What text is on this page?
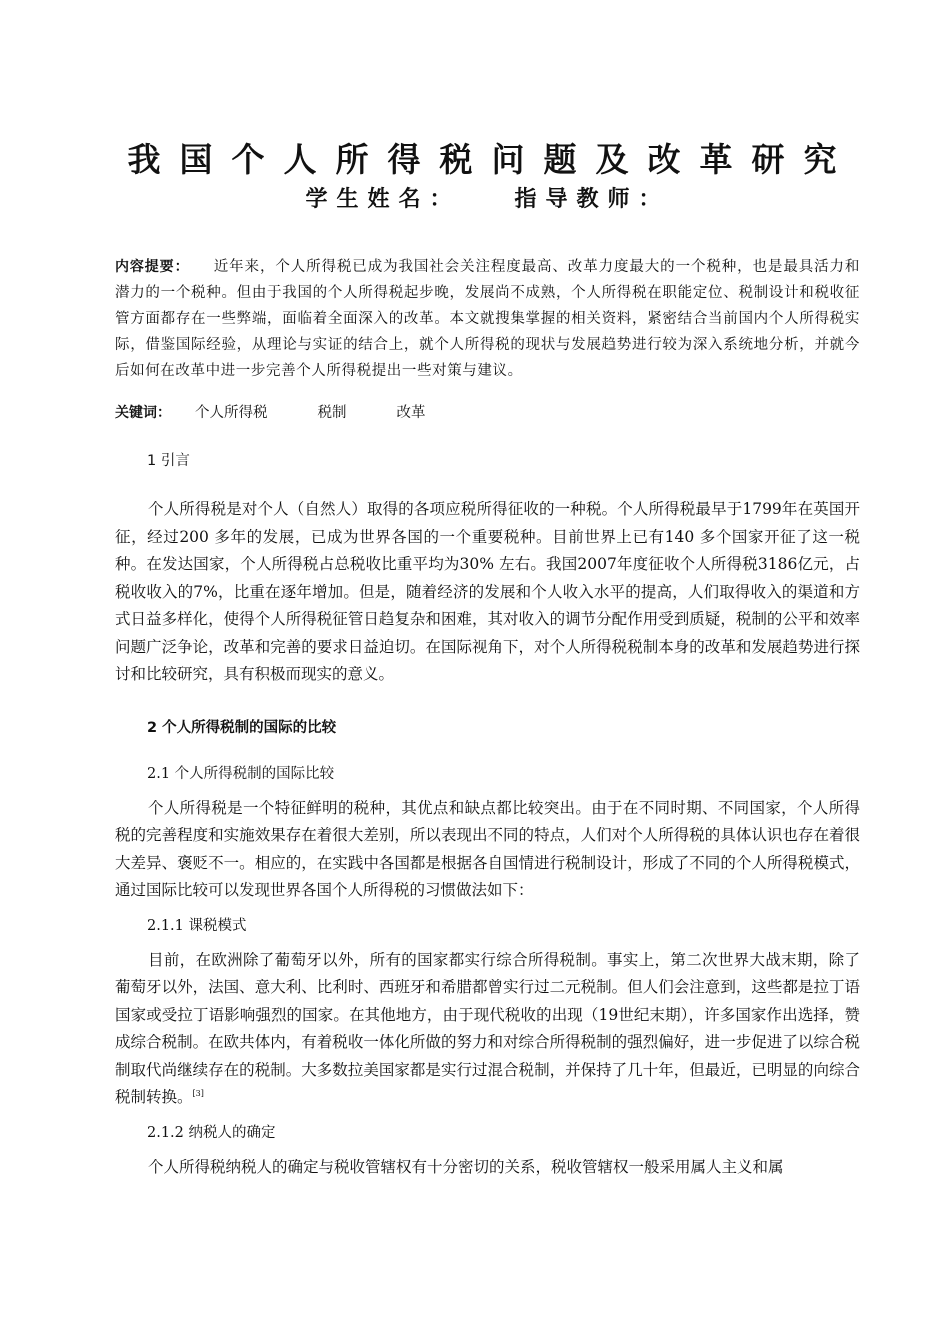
我国个人所得税问题及改革研究
学生姓名： 指导教师：
内容提要： 近年来，个人所得税已成为我国社会关注程度最高、改革力度最大的一个税种，也是最具活力和潜力的一个税种。但由于我国的个人所得税起步晚，发展尚不成熟，个人所得税在职能定位、税制设计和税收征管方面都存在一些弊端，面临着全面深入的改革。本文就搜集掌握的相关资料，紧密结合当前国内个人所得税实际，借鉴国际经验，从理论与实证的结合上，就个人所得税的现状与发展趋势进行较为深入系统地分析，并就今后如何在改革中进一步完善个人所得税提出一些对策与建议。
关键词： 个人所得税	税制	改革

1 引言

个人所得税是对个人（自然人）取得的各项应税所得征收的一种税。个人所得税最早于1799年在英国开征，经过200 多年的发展，已成为世界各国的一个重要税种。目前世界上已有140 多个国家开征了这一税种。在发达国家，个人所得税占总税收比重平均为30% 左右。我国2007年度征收个人所得税3186亿元，占税收收入的7%，比重在逐年增加。但是，随着经济的发展和个人收入水平的提高，人们取得收入的渠道和方式日益多样化，使得个人所得税征管日趋复杂和困难，其对收入的调节分配作用受到质疑，税制的公平和效率问题广泛争论，改革和完善的要求日益迫切。在国际视角下，对个人所得税税制本身的改革和发展趋势进行探讨和比较研究，具有积极而现实的意义。

2 个人所得税制的国际的比较

2.1 个人所得税制的国际比较

个人所得税是一个特征鲜明的税种，其优点和缺点都比较突出。由于在不同时期、不同国家，个人所得税的完善程度和实施效果存在着很大差别，所以表现出不同的特点，人们对个人所得税的具体认识也存在着很大差异、褒贬不一。相应的，在实践中各国都是根据各自国情进行税制设计，形成了不同的个人所得税模式，通过国际比较可以发现世界各国个人所得税的习惯做法如下：

2.1.1 课税模式

目前，在欧洲除了葡萄牙以外，所有的国家都实行综合所得税制。事实上，第二次世界大战末期，除了葡萄牙以外，法国、意大利、比利时、西班牙和希腊都曾实行过二元税制。但人们会注意到，这些都是拉丁语国家或受拉丁语影响强烈的国家。在其他地方，由于现代税收的出现（19世纪末期），许多国家作出选择，赞成综合税制。在欧共体内，有着税收一体化所做的努力和对综合所得税制的强烈偏好，进一步促进了以综合税制取代尚继续存在的税制。大多数拉美国家都是实行过混合税制，并保持了几十年，但最近，已明显的向综合税制转换。[3]

2.1.2 纳税人的确定

个人所得税纳税人的确定与税收管辖权有十分密切的关系，税收管辖权一般采用属人主义和属
